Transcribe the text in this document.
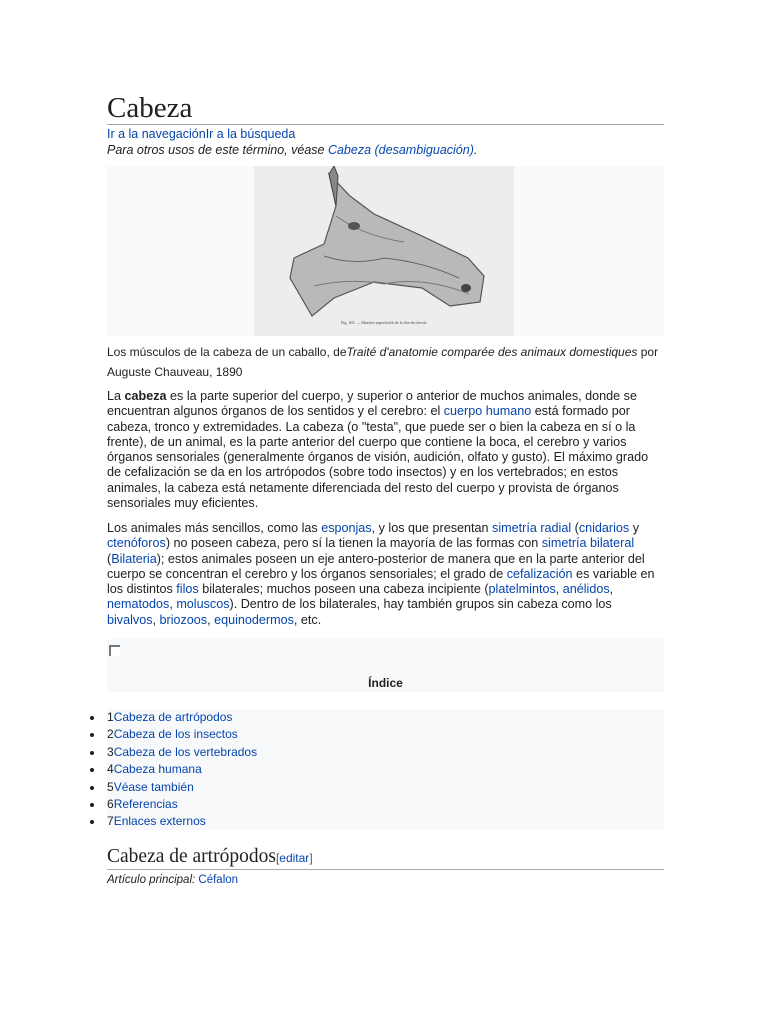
Cabeza
Ir a la navegaciónIr a la búsqueda
Para otros usos de este término, véase Cabeza (desambiguación).
Fig. 165. — Muscles superficiels de la tête du cheval.
Los músculos de la cabeza de un caballo, deTraité d'anatomie comparée des animaux domestiques por Auguste Chauveau, 1890

La cabeza es la parte superior del cuerpo, y superior o anterior de muchos animales, donde se encuentran algunos órganos de los sentidos y el cerebro: el cuerpo humano está formado por cabeza, tronco y extremidades. La cabeza (o "testa", que puede ser o bien la cabeza en sí o la frente), de un animal, es la parte anterior del cuerpo que contiene la boca, el cerebro y varios órganos sensoriales (generalmente órganos de visión, audición, olfato y gusto). El máximo grado de cefalización se da en los artrópodos (sobre todo insectos) y en los vertebrados; en estos animales, la cabeza está netamente diferenciada del resto del cuerpo y provista de órganos sensoriales muy eficientes.

Los animales más sencillos, como las esponjas, y los que presentan simetría radial (cnidarios y ctenóforos) no poseen cabeza, pero sí la tienen la mayoría de las formas con simetría bilateral (Bilateria); estos animales poseen un eje antero-posterior de manera que en la parte anterior del cuerpo se concentran el cerebro y los órganos sensoriales; el grado de cefalización es variable en los distintos filos bilaterales; muchos poseen una cabeza incipiente (platelmintos, anélidos, nematodos, moluscos). Dentro de los bilaterales, hay también grupos sin cabeza como los bivalvos, briozoos, equinodermos, etc.

Índice
1Cabeza de artrópodos
2Cabeza de los insectos
3Cabeza de los vertebrados
4Cabeza humana
5Véase también
6Referencias
7Enlaces externos
Cabeza de artrópodos[editar]
Artículo principal: Céfalon
